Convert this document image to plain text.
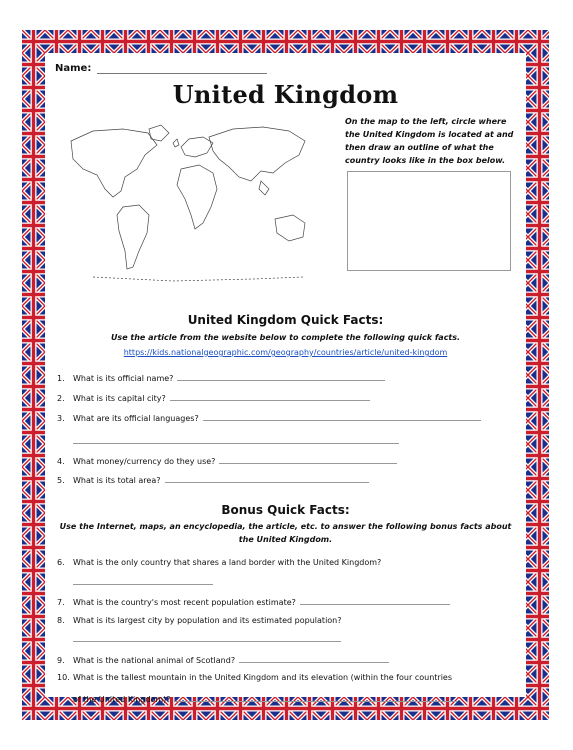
Name:
United Kingdom
On the map to the left, circle where the United Kingdom is located at and then draw an outline of what the country looks like in the box below.
United Kingdom Quick Facts:
Use the article from the website below to complete the following quick facts.
https://kids.nationalgeographic.com/geography/countries/article/united-kingdom
1. What is its official name?
2. What is its capital city?
3. What are its official languages?
4. What money/currency do they use?
5. What is its total area?
Bonus Quick Facts:
Use the Internet, maps, an encyclopedia, the article, etc. to answer the following bonus facts about the United Kingdom.
6. What is the only country that shares a land border with the United Kingdom?
7. What is the country's most recent population estimate?
8. What is its largest city by population and its estimated population?
9. What is the national animal of Scotland?
10. What is the tallest mountain in the United Kingdom and its elevation (within the four countries
of the United Kingdom)?
